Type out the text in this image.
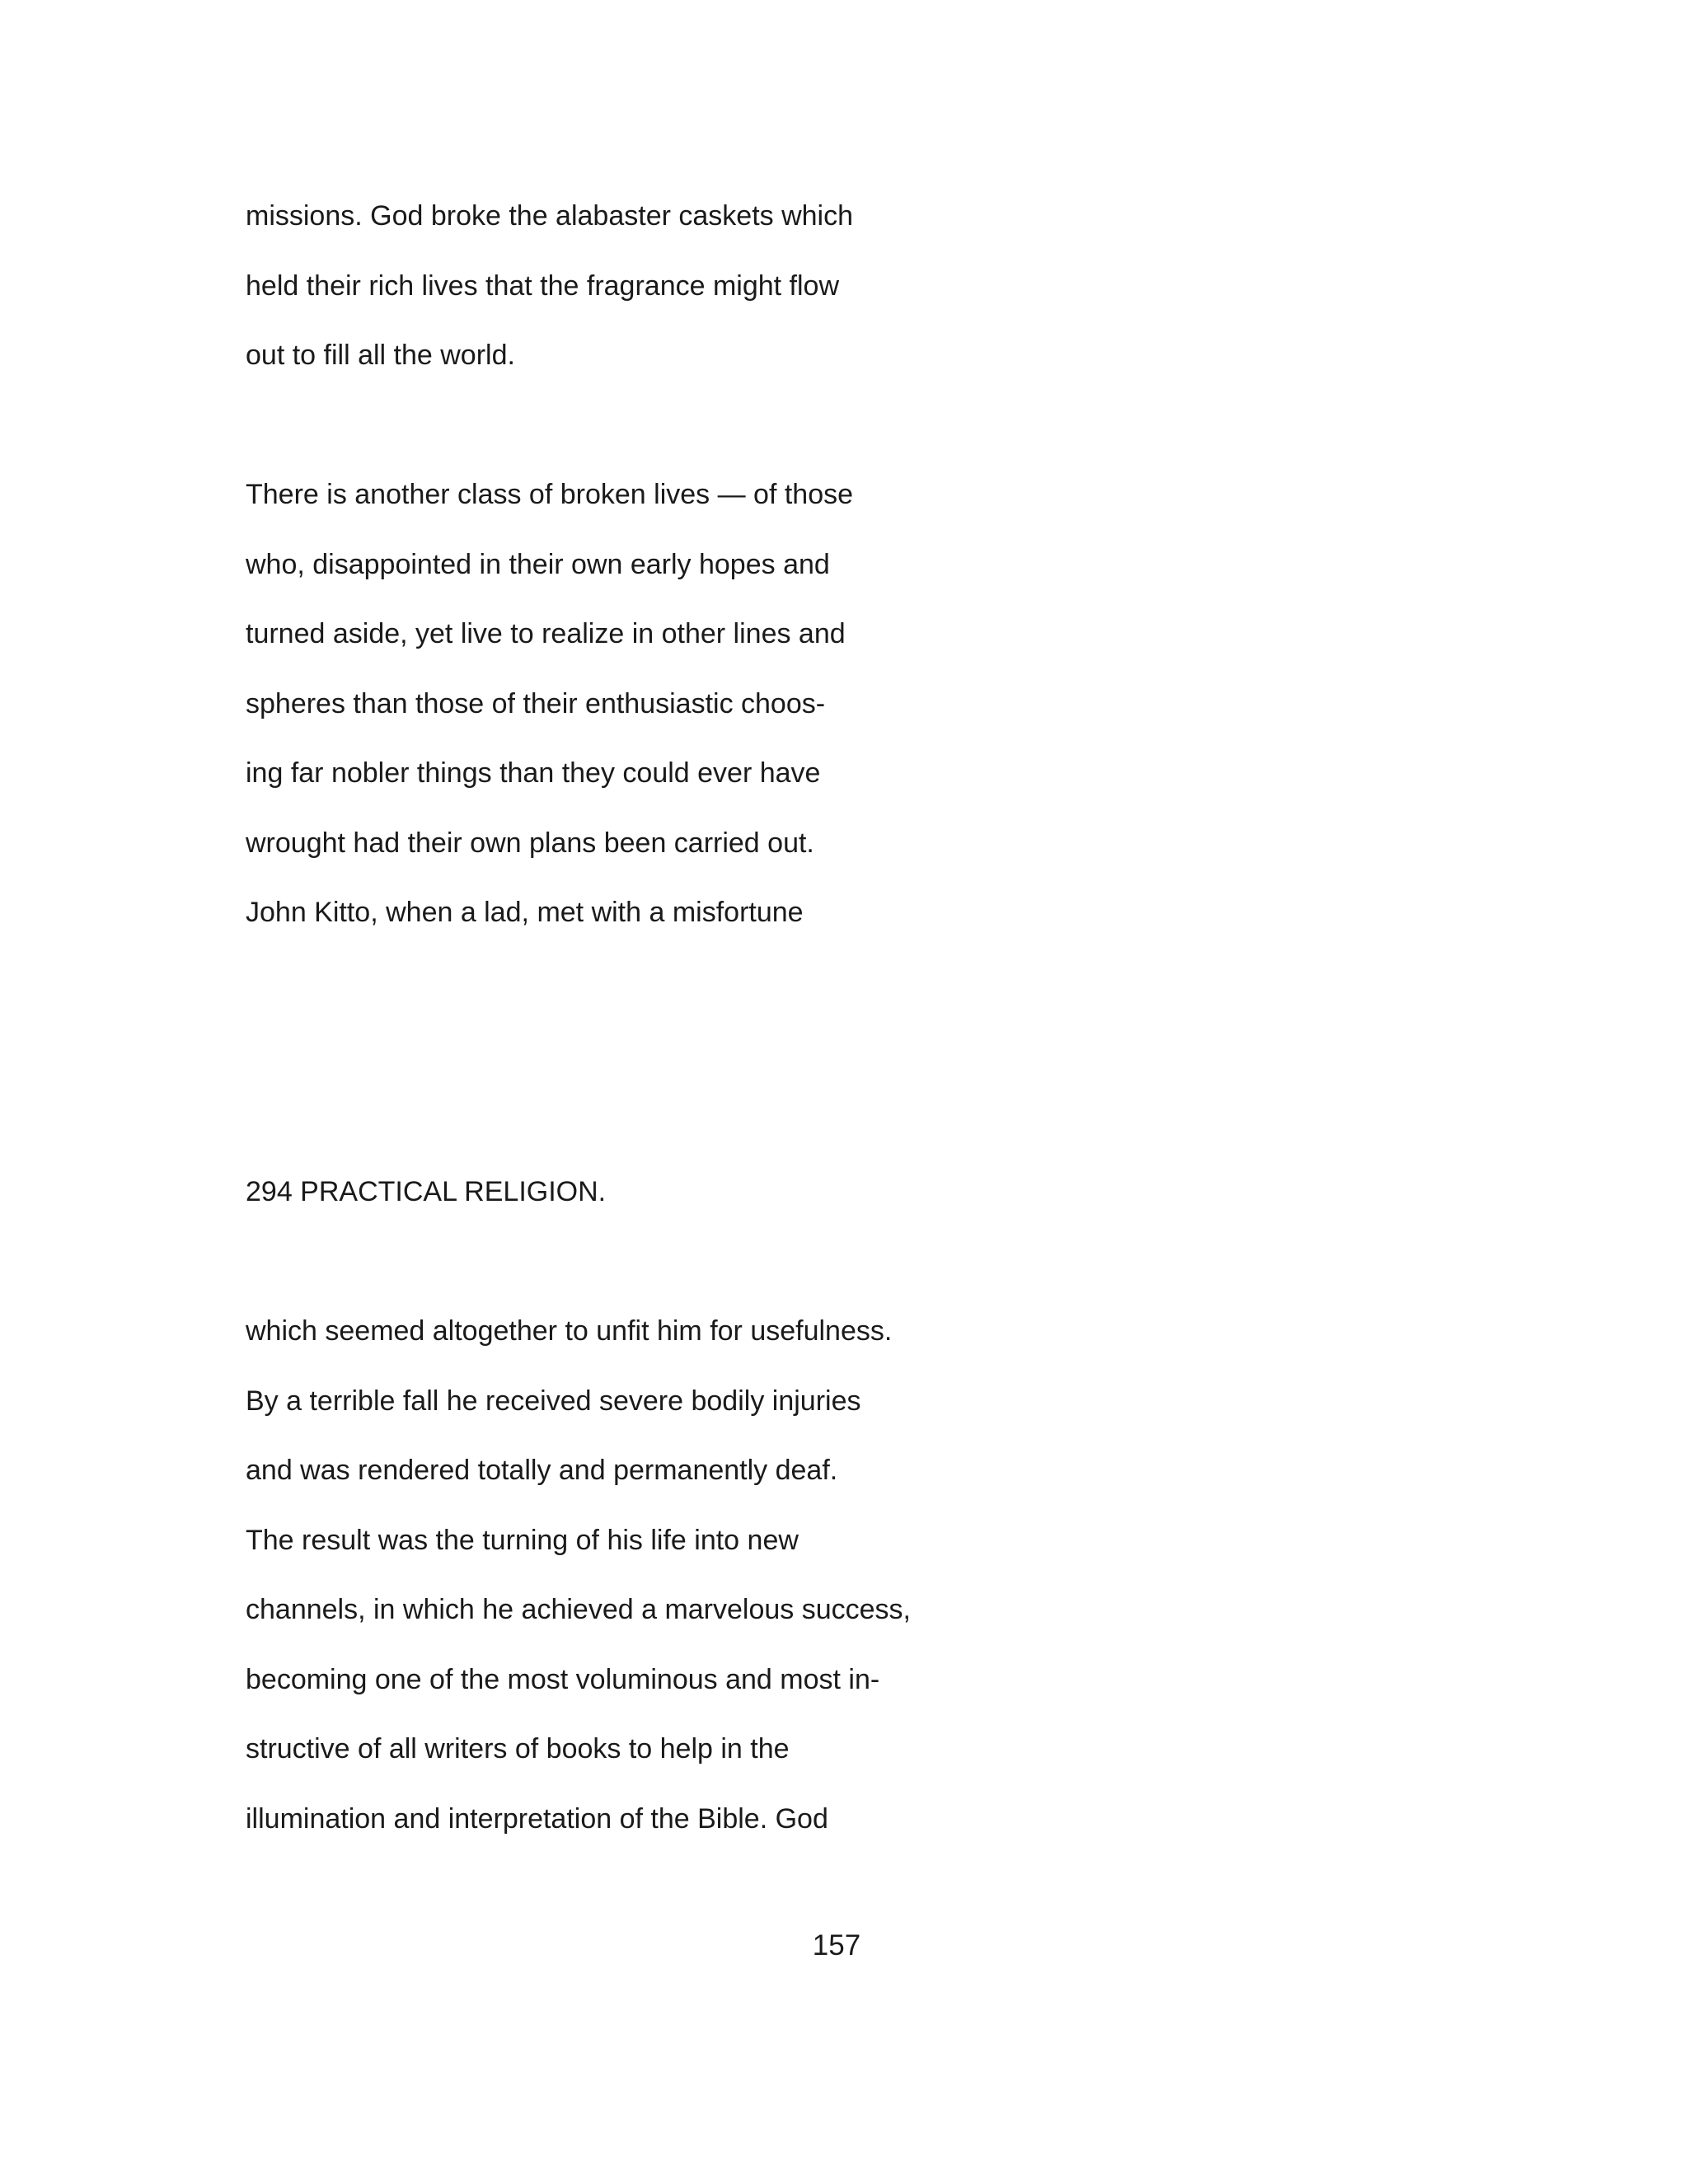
missions. God broke the alabaster caskets which

held their rich lives that the fragrance might flow

out to fill all the world.

There is another class of broken lives — of those

who, disappointed in their own early hopes and

turned aside, yet live to realize in other lines and

spheres than those of their enthusiastic choos-

ing far nobler things than they could ever have

wrought had their own plans been carried out.

John Kitto, when a lad, met with a misfortune

294 PRACTICAL RELIGION.

which seemed altogether to unfit him for usefulness.

By a terrible fall he received severe bodily injuries

and was rendered totally and permanently deaf.

The result was the turning of his life into new

channels, in which he achieved a marvelous success,

becoming one of the most voluminous and most in-

structive of all writers of books to help in the

illumination and interpretation of the Bible. God

157
